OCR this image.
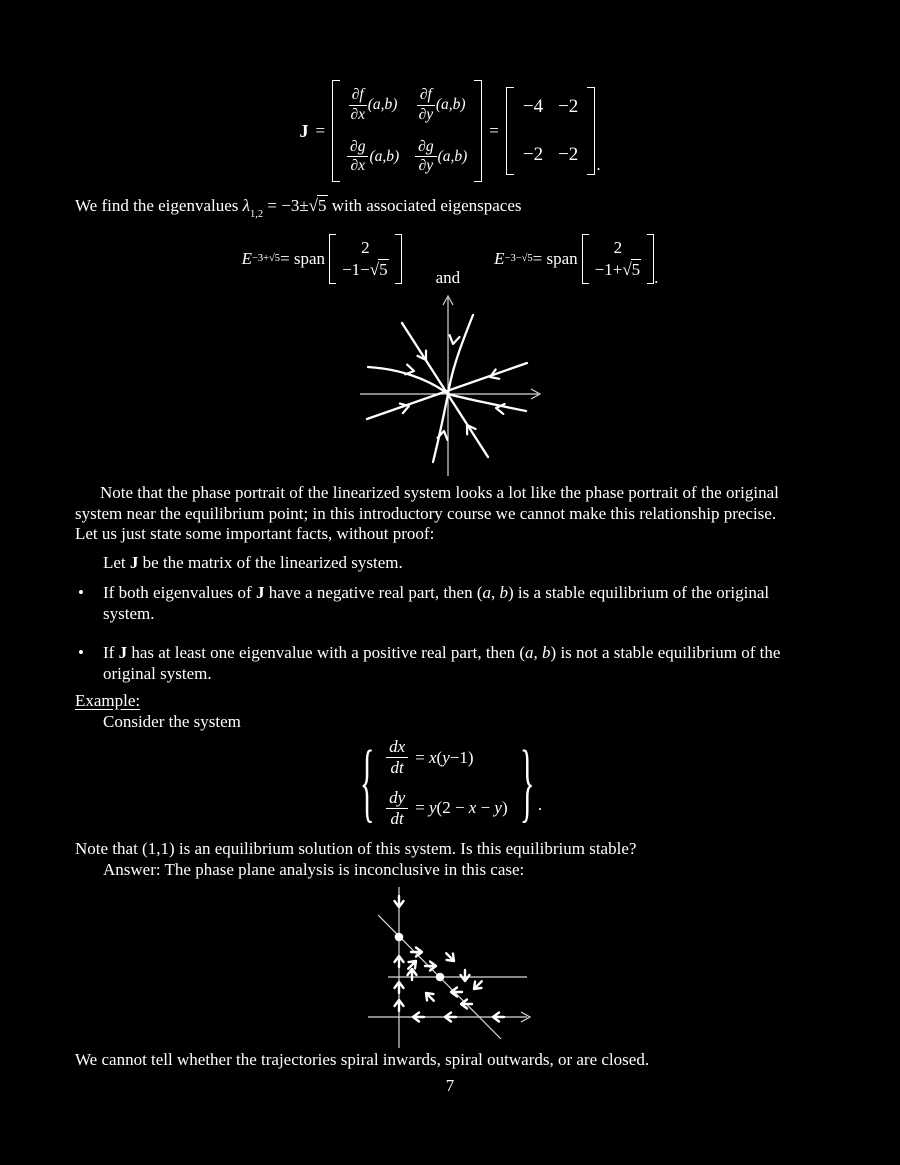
J =
$\frac{\partial f}{\partial x} (a,b) \frac{\partial f}{\partial y} (a,b)$
$\frac{\partial g}{\partial x} (a,b) \frac{\partial g}{\partial y} (a,b)$
=
−4 −2
−2 −2 .
We find the eigenvalues $\lambda_{1,2} = -3\pm√5$ with associated eigenspaces
E −3+√5 = span
2
−1−√5	and
E −3−√5 = span
2
−1+√5 .
Note that the phase portrait of the linearized system looks a lot like the phase portrait of the original
system near the equilibrium point; in this introductory course we cannot make this relationship precise.
Let us just state some important facts, without proof:
Let J be the matrix of the linearized system.
•	If both eigenvalues of J have a negative real part, then (a, b) is a stable equilibrium of the original
system.
•	If J has at least one eigenvalue with a positive real part, then (a, b) is not a stable equilibrium of the
original system.
Example:
Consider the system
{ $\frac{dx}{dt} = x(y-1)$
$\frac{dy}{dt} = y(2 - x - y)$ } .
Note that (1,1) is an equilibrium solution of this system. Is this equilibrium stable?
Answer: The phase plane analysis is inconclusive in this case:
We cannot tell whether the trajectories spiral inwards, spiral outwards, or are closed.
7
